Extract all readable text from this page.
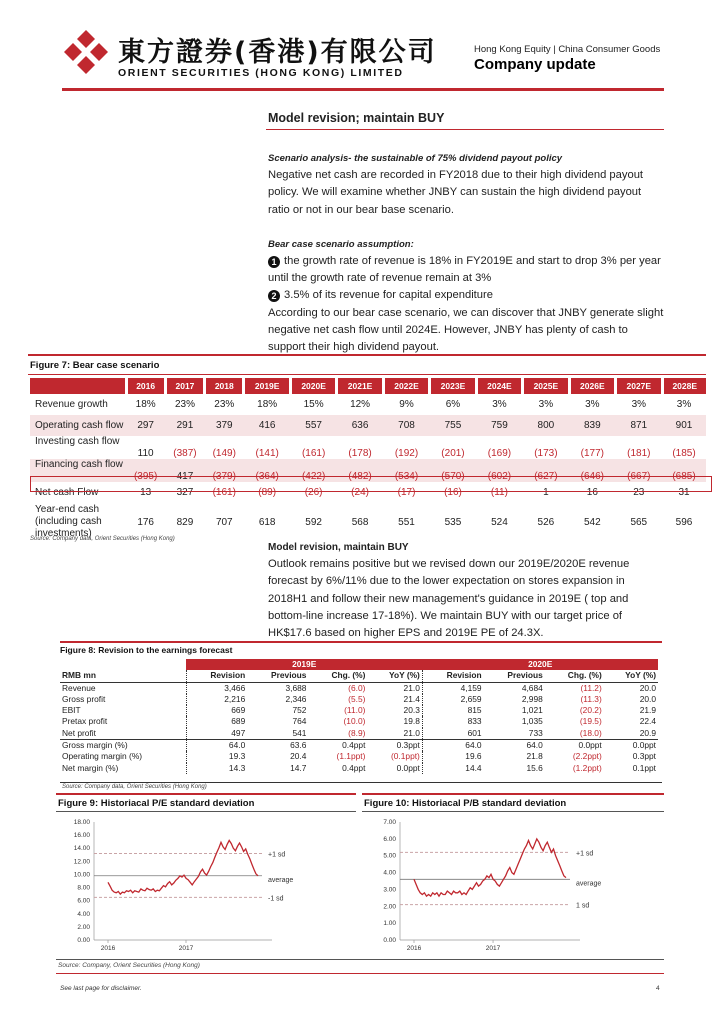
東方證券(香港)有限公司
ORIENT SECURITIES (HONG KONG) LIMITED
Hong Kong Equity | China Consumer Goods
Company update
Model revision; maintain BUY
Scenario analysis- the sustainable of 75% dividend payout policy
Negative net cash are recorded in FY2018 due to their high dividend payout policy. We will examine whether JNBY can sustain the high dividend payout ratio or not in our bear base scenario.
Bear case scenario assumption:
1 the growth rate of revenue is 18% in FY2019E and start to drop 3% per year until the growth rate of revenue remain at 3%
2 3.5% of its revenue for capital expenditure
According to our bear case scenario, we can discover that JNBY generate slight negative net cash flow until 2024E. However, JNBY has plenty of cash to support their high dividend payout.
Figure 7: Bear case scenario
	2016	2017	2018	2019E	2020E	2021E	2022E	2023E	2024E	2025E	2026E	2027E	2028E
Revenue growth	18%	23%	23%	18%	15%	12%	9%	6%	3%	3%	3%	3%	3%
Operating cash flow	297	291	379	416	557	636	708	755	759	800	839	871	901
Investing cash flow	110	(387)	(149)	(141)	(161)	(178)	(192)	(201)	(169)	(173)	(177)	(181)	(185)
Financing cash flow	(395)	417	(379)	(364)	(422)	(482)	(534)	(570)	(602)	(627)	(646)	(667)	(685)
Net cash Flow	13	327	(161)	(89)	(26)	(24)	(17)	(16)	(11)	1	16	23	31
Year-end cash (including cash investments)	176	829	707	618	592	568	551	535	524	526	542	565	596
Source: Company data, Orient Securities (Hong Kong)
Model revision, maintain BUY
Outlook remains positive but we revised down our 2019E/2020E revenue forecast by 6%/11% due to the lower expectation on stores expansion in 2018H1 and follow their new management's guidance in 2019E ( top and bottom-line increase 17-18%). We maintain BUY with our target price of HK$17.6 based on higher EPS and 2019E PE of 24.3X.
Figure 8: Revision to the earnings forecast
	2019E				2020E			
RMB mn	Revision	Previous	Chg. (%)	YoY (%)	Revision	Previous	Chg. (%)	YoY (%)
Revenue	3,466	3,688	(6.0)	21.0	4,159	4,684	(11.2)	20.0
Gross profit	2,216	2,346	(5.5)	21.4	2,659	2,998	(11.3)	20.0
EBIT	669	752	(11.0)	20.3	815	1,021	(20.2)	21.9
Pretax profit	689	764	(10.0)	19.8	833	1,035	(19.5)	22.4
Net profit	497	541	(8.9)	21.0	601	733	(18.0)	20.9
Gross margin (%)	64.0	63.6	0.4ppt	0.3ppt	64.0	64.0	0.0ppt	0.0ppt
Operating margin (%)	19.3	20.4	(1.1ppt)	(0.1ppt)	19.6	21.8	(2.2ppt)	0.3ppt
Net margin (%)	14.3	14.7	0.4ppt	0.0ppt	14.4	15.6	(1.2ppt)	0.1ppt
Source: Company data, Orient Securities (Hong Kong)
Figure 9: Historiacal P/E standard deviation	Figure 10: Historiacal P/B standard deviation
18.00
16.00
14.00
12.00
10.00
8.00
6.00
4.00
2.00
0.00
+1 sd
average
-1 sd
2016	2017
7.00
6.00
5.00
4.00
3.00
2.00
1.00
0.00
+1 sd
average
1 sd
2016	2017
Source: Company, Orient Securities (Hong Kong)
See last page for disclaimer.	4
